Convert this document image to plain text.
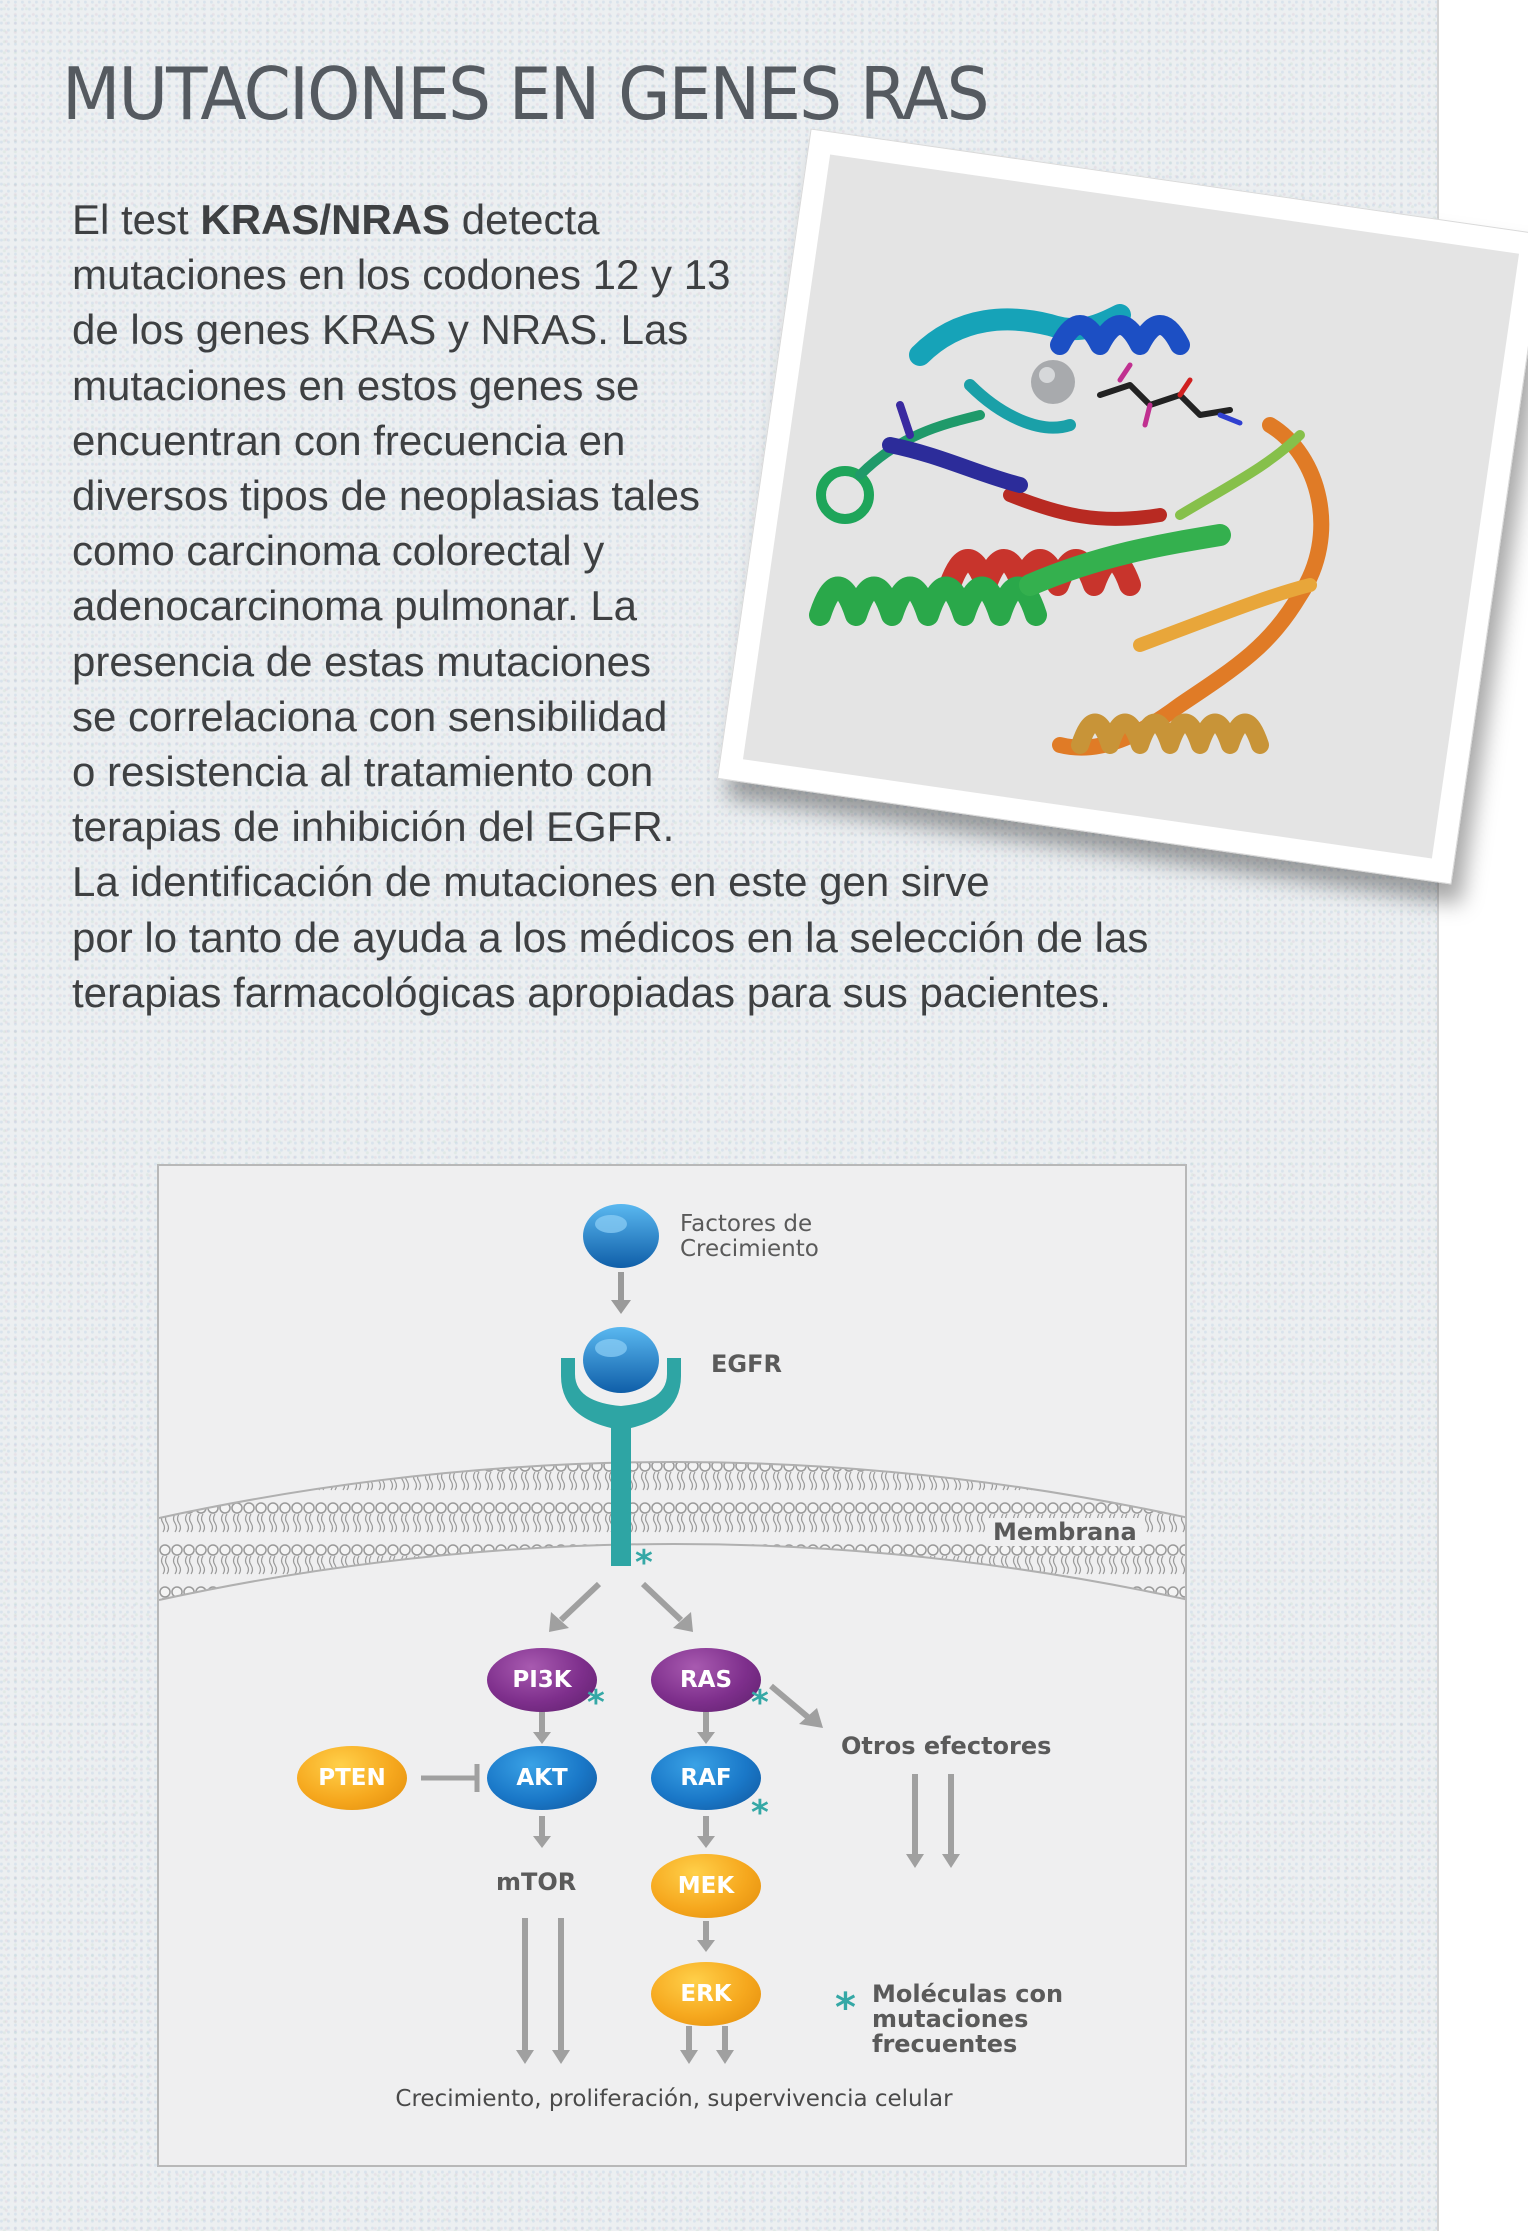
MUTACIONES EN GENES RAS
El test KRAS/NRAS detecta
mutaciones en los codones 12 y 13
de los genes KRAS y NRAS. Las
mutaciones en estos genes se
encuentran con frecuencia en
diversos tipos de neoplasias tales
como carcinoma colorectal y
adenocarcinoma pulmonar. La
presencia de estas mutaciones
se correlaciona con sensibilidad
o resistencia al tratamiento con
terapias de inhibición del EGFR.
La identificación de mutaciones en este gen sirve
por lo tanto de ayuda a los médicos en la selección de las
terapias farmacológicas apropiadas para sus pacientes.
Factores de
Crecimiento
EGFR
Membrana
*
PI3K
*
RAS
*
Otros efectores
PTEN	AKT	RAF
*
mTOR	MEK
ERK	* Moléculas con
mutaciones
frecuentes
Crecimiento, proliferación, supervivencia celular
